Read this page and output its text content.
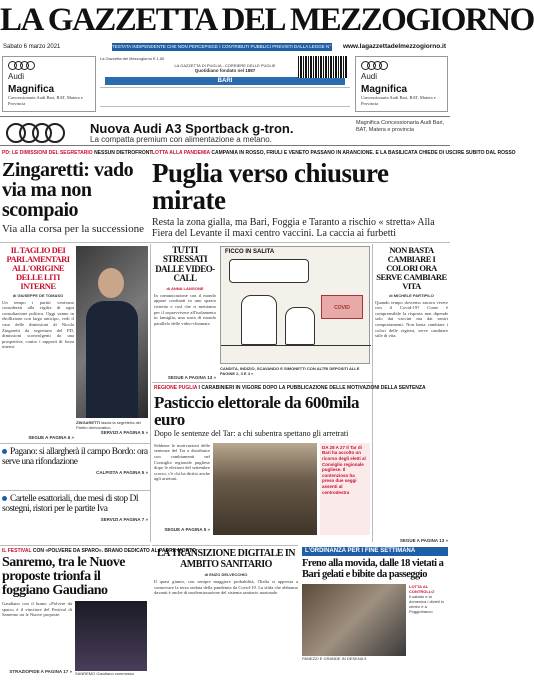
LA GAZZETTA DEL MEZZOGIORNO
Sabato 6 marzo 2021	TESTATA INDIPENDENTE CHE NON PERCEPISCE I CONTRIBUTI PUBBLICI PREVISTI DALLA LEGGE N° 250/90
www.lagazzettadelmezzogiorno.it
Audi
Magnifica
Concessionaria Audi Bari, BAT, Matera e Provincia
La Gazzetta del Mezzogiorno € 1,50
LA GAZZETTA DI PUGLIA - CORRIERE DELLE PUGLIE
Quotidiano fondato nel 1887
BARI	Audi
Magnifica
Concessionaria Audi Bari, BAT, Matera e Provincia
Nuova Audi A3 Sportback g-tron.
La compatta premium con alimentazione a metano.
Magnifica Concessionaria Audi Bari, BAT, Matera e provincia
PD: LE DIMISSIONI DEL SEGRETARIO NESSUN DIETROFRONT
Zingaretti: vado via ma non scompaio
Via alla corsa per la successione
LOTTA ALLA PANDEMIA CAMPANIA IN ROSSO, FRIULI E VENETO PASSANO IN ARANCIONE. E LA BASILICATA CHIEDE DI USCIRE SUBITO DAL ROSSO
Puglia verso chiusure mirate
Resta la zona gialla, ma Bari, Foggia e Taranto a rischio « stretta» Alla Fiera del Levante il maxi centro vaccini. La caccia ai furbetti
IL TAGLIO DEI PARLAMENTARI ALL'ORIGINE DELLE LITI INTERNE
di GIUSEPPE DE TOMASO
Un tempo i partiti venivano considerati alla vigilia di ogni consultazione politica. Oggi vanno in ebollizione con largo anticipo, vedi il caso delle dimissioni di Nicola Zingaretti da segretario del PD, dimissioni sconvolgenti da una prospettiva, contro i rapporti di forza interni.
SEGUE A PAGINA 6 »
ZINGARETTI lascia la segreteria del Partito democratico
SERVIZI A PAGINA 5 »
TUTTI STRESSATI DALLE VIDEO-CALL
di ANNA LANGONE
In comunicazione con il mondo appare confinati in uno spazio ristretto e così che ci mettiamo per il sopravvivere all'isolamento in famiglia, una sorta di mondo parallelo delle video-chiamate.
SEGUE A PAGINA 13 »
FICCO IN SALITA
COVID
CANDITA, INDIZIO, SCAVANDO E SIMONETTI CON ALTRI DEPOSITI ALLE PAGINE 2, 3 E 4 »
NON BASTA CAMBIARE I COLORI ORA SERVE CAMBIARE VITA
di MICHELE PARTIPILO
Quando tempo dovremo ancora vivere con il Covid-19? Come è comprensibile la risposta non dipende solo dai vaccini ma dai nostri comportamenti. Non basta cambiare i colori delle regioni, serve cambiare stile di vita.
SEGUE A PAGINA 13 »
Pagano: si allargherà il campo Bordo: ora serve una rifondazione
CALPISTA A PAGINA 5 »
Cartelle esattoriali, due mesi di stop Dl sostegni, ristori per le partite Iva
SERVIZI A PAGINA 7 »
REGIONE PUGLIA I CARABINIERI IN VIGORE DOPO LA PUBBLICAZIONE DELLE MOTIVAZIONI DELLA SENTENZA
Pasticcio elettorale da 600mila euro
Dopo le sentenze del Tar: a chi subentra spettano gli arretrati
Sebbene le motivazioni delle sentenze del Tar a distribuire con cambiamenti nel Consiglio regionale pugliese dopo le elezioni del settembre scorso, c'è chi ha diritto anche agli arretrati.
SEGUE A PAGINA 5 »
DA 28 A 27 Il Tar di Bari ha accolto un ricorso degli eletti al Consiglio regionale pugliese. Il contenzioso ha preso due seggi assenti al centrodestra
IL FESTIVAL CON «POLVERE DA SPARO». BRANO DEDICATO AL PADRE MORTO
Sanremo, tra le Nuove proposte trionfa il foggiano Gaudiano
Gaudiano con il brano «Polvere da sparo» è il vincitore del Festival di Sanremo tra le Nuove proposte.
STRAZIOPIDE A PAGINA 17 » SANREMO Gaudiano commosso
LA TRANSIZIONE DIGITALE IN AMBITO SANITARIO
di ENZO DELVECCHIO
Il quasi giunto, con sempre maggiore probabilità, l'Italia si appresta a conservare la terza ondata della pandemia da Covid-19. La sfida che abbiamo davanti è anche di modernizzazione del sistema sanitario nazionale.
L'ORDINANZA PER I FINE SETTIMANA
Freno alla movida, dalle 18 vietati a Bari gelati e bibite da passeggio
PANEZZI E GRANDE IN DESKNA 9
LOTTA AL CONTROLLO
Il sabato e la domenica i divieti in centro e a Poggiofranco
